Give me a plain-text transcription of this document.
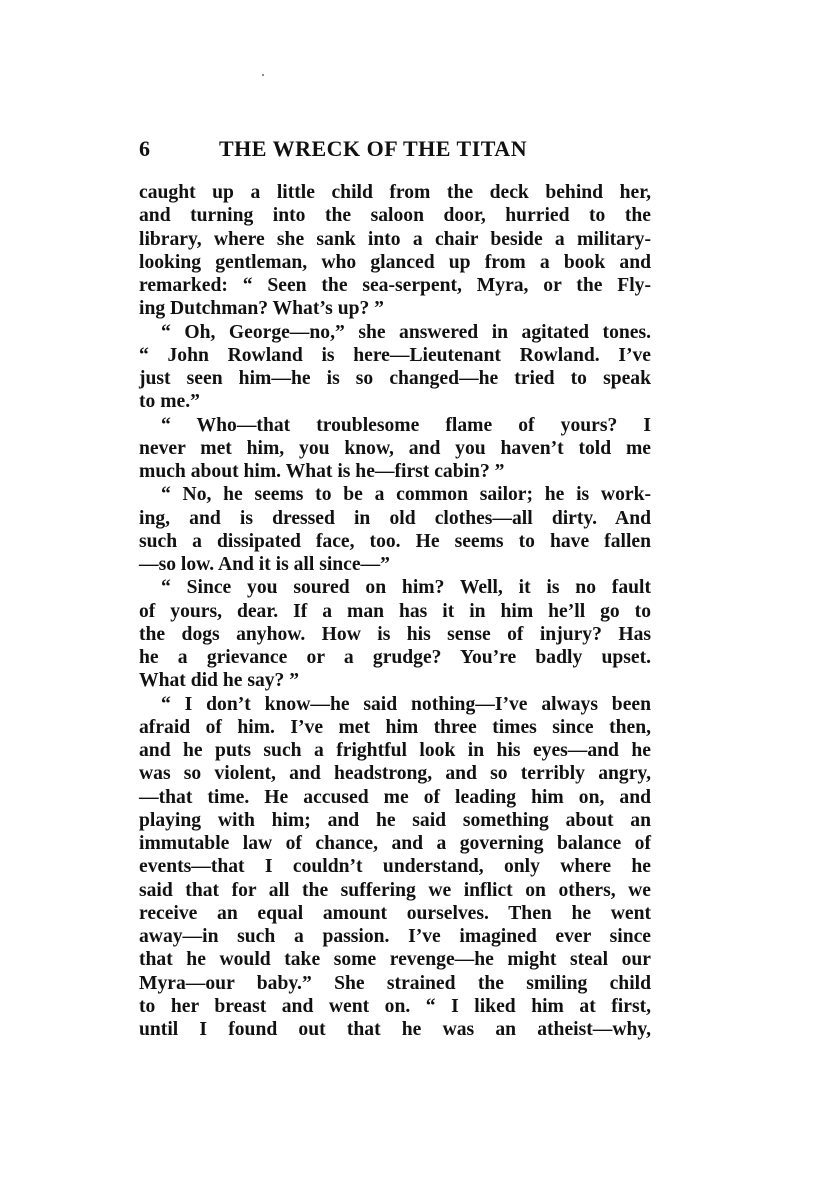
6	THE WRECK OF THE TITAN
caught up a little child from the deck behind her,
and turning into the saloon door, hurried to the
library, where she sank into a chair beside a military-
looking gentleman, who glanced up from a book and
remarked: “ Seen the sea-serpent, Myra, or the Fly-
ing Dutchman? What’s up? ”
“ Oh, George—no,” she answered in agitated tones.
“ John Rowland is here—Lieutenant Rowland. I’ve
just seen him—he is so changed—he tried to speak
to me.”
“ Who—that troublesome flame of yours? I
never met him, you know, and you haven’t told me
much about him. What is he—first cabin? ”
“ No, he seems to be a common sailor; he is work-
ing, and is dressed in old clothes—all dirty. And
such a dissipated face, too. He seems to have fallen
—so low. And it is all since—”
“ Since you soured on him? Well, it is no fault
of yours, dear. If a man has it in him he’ll go to
the dogs anyhow. How is his sense of injury? Has
he a grievance or a grudge? You’re badly upset.
What did he say? ”
“ I don’t know—he said nothing—I’ve always been
afraid of him. I’ve met him three times since then,
and he puts such a frightful look in his eyes—and he
was so violent, and headstrong, and so terribly angry,
—that time. He accused me of leading him on, and
playing with him; and he said something about an
immutable law of chance, and a governing balance of
events—that I couldn’t understand, only where he
said that for all the suffering we inflict on others, we
receive an equal amount ourselves. Then he went
away—in such a passion. I’ve imagined ever since
that he would take some revenge—he might steal our
Myra—our baby.” She strained the smiling child
to her breast and went on. “ I liked him at first,
until I found out that he was an atheist—why,
